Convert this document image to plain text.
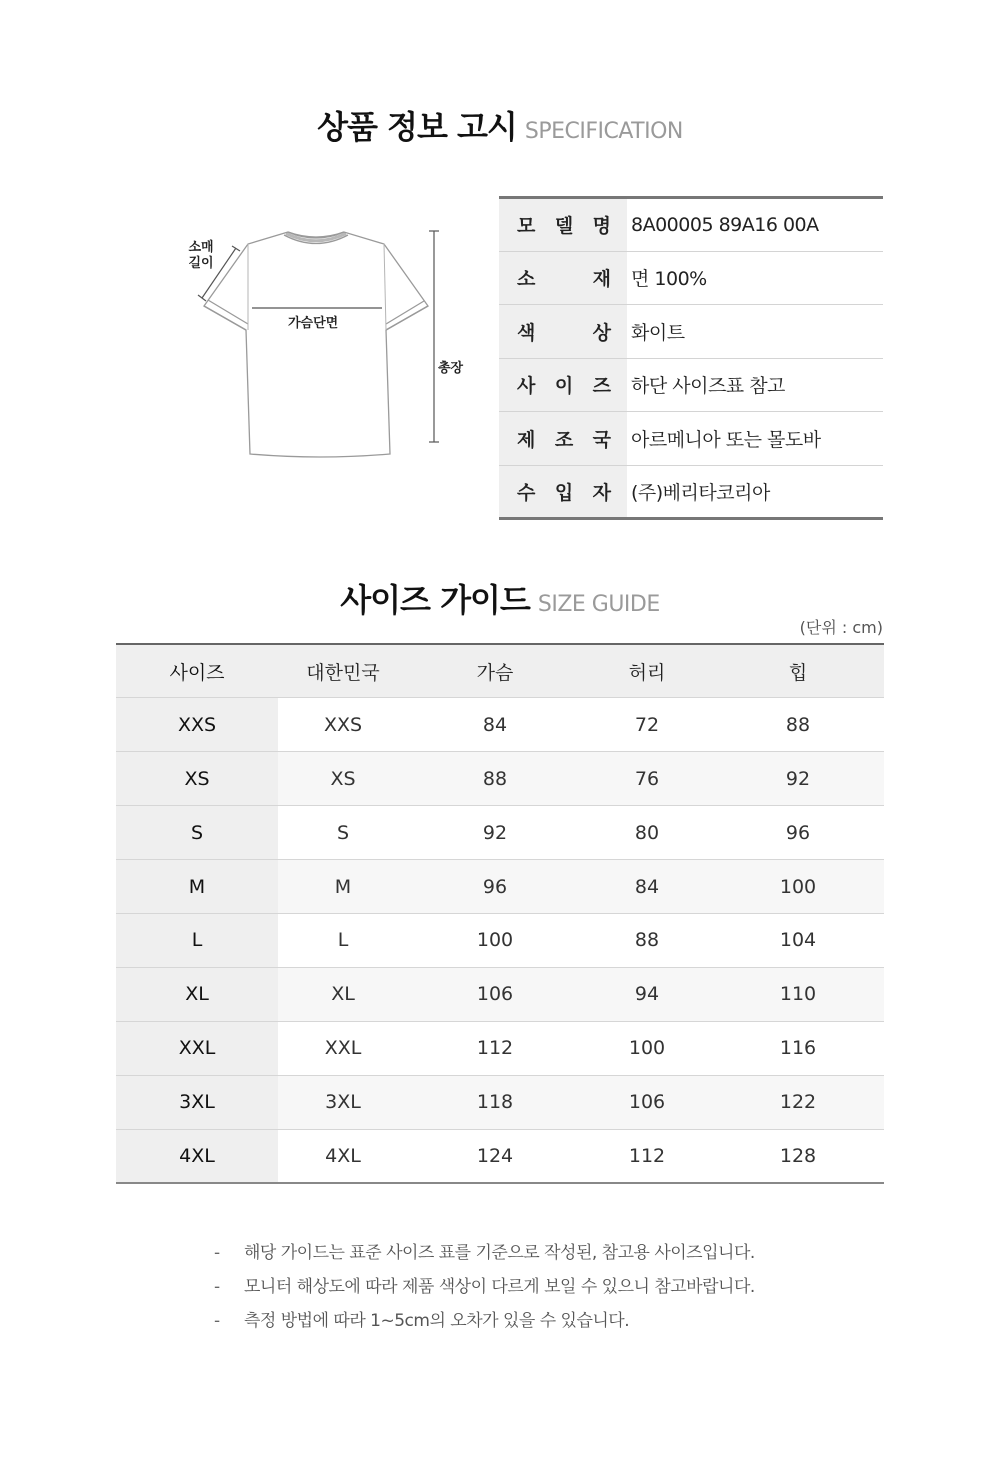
상품 정보 고시 SPECIFICATION
소매
길이
가슴단면
총장
모 델 명	8A00005 89A16 00A

소 재	면 100%

색 상	화이트

사 이 즈	하단 사이즈표 참고

제 조 국	아르메니아 또는 몰도바

수 입 자	(주)베리타코리아
사이즈 가이드 SIZE GUIDE
(단위 : cm)
사이즈	대한민국	가슴	허리	힙
XXS	XXS	84	72	88
XS	XS	88	76	92
S	S	92	80	96
M	M	96	84	100
L	L	100	88	104
XL	XL	106	94	110
XXL	XXL	112	100	116
3XL	3XL	118	106	122
4XL	4XL	124	112	128
- 해당 가이드는 표준 사이즈 표를 기준으로 작성된, 참고용 사이즈입니다.
- 모니터 해상도에 따라 제품 색상이 다르게 보일 수 있으니 참고바랍니다.
- 측정 방법에 따라 1~5cm의 오차가 있을 수 있습니다.
